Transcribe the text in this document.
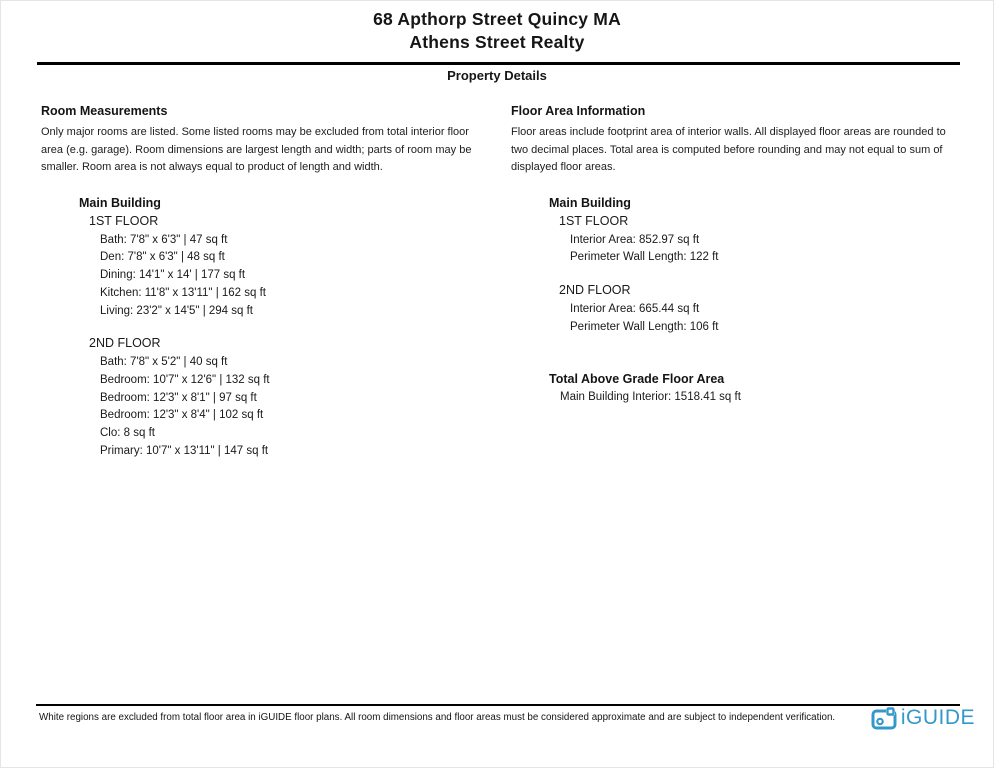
68 Apthorp Street Quincy MA
Athens Street Realty
Property Details

Room Measurements

Only major rooms are listed. Some listed rooms may be excluded from total interior floor area (e.g. garage). Room dimensions are largest length and width; parts of room may be smaller. Room area is not always equal to product of length and width.

Main Building
1ST FLOOR
Bath: 7'8" x 6'3" | 47 sq ft
Den: 7'8" x 6'3" | 48 sq ft
Dining: 14'1" x 14' | 177 sq ft
Kitchen: 11'8" x 13'11" | 162 sq ft
Living: 23'2" x 14'5" | 294 sq ft
2ND FLOOR
Bath: 7'8" x 5'2" | 40 sq ft
Bedroom: 10'7" x 12'6" | 132 sq ft
Bedroom: 12'3" x 8'1" | 97 sq ft
Bedroom: 12'3" x 8'4" | 102 sq ft
Clo: 8 sq ft
Primary: 10'7" x 13'11" | 147 sq ft

Floor Area Information

Floor areas include footprint area of interior walls. All displayed floor areas are rounded to two decimal places. Total area is computed before rounding and may not equal to sum of displayed floor areas.

Main Building
1ST FLOOR
Interior Area: 852.97 sq ft
Perimeter Wall Length: 122 ft
2ND FLOOR
Interior Area: 665.44 sq ft
Perimeter Wall Length: 106 ft
Total Above Grade Floor Area
Main Building Interior: 1518.41 sq ft
White regions are excluded from total floor area in iGUIDE floor plans. All room dimensions and floor areas must be considered approximate and are subject to independent verification.	iGUIDE
